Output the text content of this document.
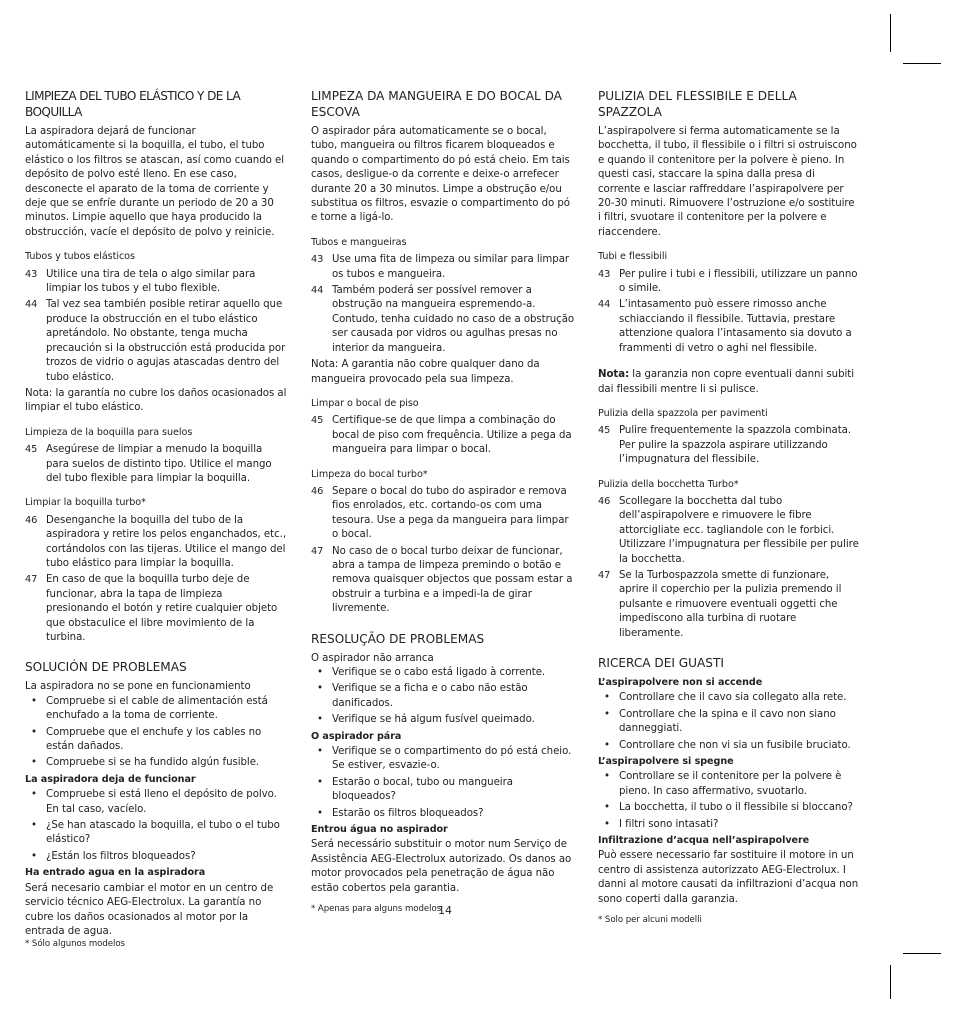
LIMPIEZA DEL TUBO ELÁSTICO Y DE LA BOQUILLA

La aspiradora dejará de funcionar automáticamente si la boquilla, el tubo, el tubo elástico o los filtros se atascan, así como cuando el depósito de polvo esté lleno. En ese caso, desconecte el aparato de la toma de corriente y deje que se enfríe durante un periodo de 20 a 30 minutos. Limpie aquello que haya producido la obstrucción, vacíe el depósito de polvo y reinicie.

Tubos y tubos elásticos
43 Utilice una tira de tela o algo similar para limpiar los tubos y el tubo flexible.
44 Tal vez sea también posible retirar aquello que produce la obstrucción en el tubo elástico apretándolo. No obstante, tenga mucha precaución si la obstrucción está producida por trozos de vidrio o agujas atascadas dentro del tubo elástico.

Nota: la garantía no cubre los daños ocasionados al limpiar el tubo elástico.

Limpieza de la boquilla para suelos
45 Asegúrese de limpiar a menudo la boquilla para suelos de distinto tipo. Utilice el mango del tubo flexible para limpiar la boquilla.
Limpiar la boquilla turbo*
46 Desenganche la boquilla del tubo de la aspiradora y retire los pelos enganchados, etc., cortándolos con las tijeras. Utilice el mango del tubo elástico para limpiar la boquilla.
47 En caso de que la boquilla turbo deje de funcionar, abra la tapa de limpieza presionando el botón y retire cualquier objeto que obstaculice el libre movimiento de la turbina.
SOLUCIÓN DE PROBLEMAS

La aspiradora no se pone en funcionamiento

• Compruebe si el cable de alimentación está enchufado a la toma de corriente.
• Compruebe que el enchufe y los cables no están dañados.
• Compruebe si se ha fundido algún fusible.
La aspiradora deja de funcionar
• Compruebe si está lleno el depósito de polvo. En tal caso, vacíelo.
• ¿Se han atascado la boquilla, el tubo o el tubo elástico?
• ¿Están los filtros bloqueados?
Ha entrado agua en la aspiradora

Será necesario cambiar el motor en un centro de servicio técnico AEG-Electrolux. La garantía no cubre los daños ocasionados al motor por la entrada de agua.

* Sólo algunos modelos
LIMPEZA DA MANGUEIRA E DO BOCAL DA ESCOVA

O aspirador pára automaticamente se o bocal, tubo, mangueira ou filtros ficarem bloqueados e quando o compartimento do pó está cheio. Em tais casos, desligue-o da corrente e deixe-o arrefecer durante 20 a 30 minutos. Limpe a obstrução e/ou substitua os filtros, esvazie o compartimento do pó e torne a ligá-lo.

Tubos e mangueiras
43 Use uma fita de limpeza ou similar para limpar os tubos e mangueira.
44 Também poderá ser possível remover a obstrução na mangueira espremendo-a. Contudo, tenha cuidado no caso de a obstrução ser causada por vidros ou agulhas presas no interior da mangueira.

Nota: A garantia não cobre qualquer dano da mangueira provocado pela sua limpeza.

Limpar o bocal de piso
45 Certifique-se de que limpa a combinação do bocal de piso com frequência. Utilize a pega da mangueira para limpar o bocal.
Limpeza do bocal turbo*
46 Separe o bocal do tubo do aspirador e remova fios enrolados, etc. cortando-os com uma tesoura. Use a pega da mangueira para limpar o bocal.
47 No caso de o bocal turbo deixar de funcionar, abra a tampa de limpeza premindo o botão e remova quaisquer objectos que possam estar a obstruir a turbina e a impedi-la de girar livremente.
RESOLUÇÃO DE PROBLEMAS

O aspirador não arranca

• Verifique se o cabo está ligado à corrente.
• Verifique se a ficha e o cabo não estão danificados.
• Verifique se há algum fusível queimado.
O aspirador pára
• Verifique se o compartimento do pó está cheio. Se estiver, esvazie-o.
• Estarão o bocal, tubo ou mangueira bloqueados?
• Estarão os filtros bloqueados?
Entrou água no aspirador

Será necessário substituir o motor num Serviço de Assistência AEG-Electrolux autorizado. Os danos ao motor provocados pela penetração de água não estão cobertos pela garantia.

* Apenas para alguns modelos
PULIZIA DEL FLESSIBILE E DELLA SPAZZOLA

L’aspirapolvere si ferma automaticamente se la bocchetta, il tubo, il flessibile o i filtri si ostruiscono e quando il contenitore per la polvere è pieno. In questi casi, staccare la spina dalla presa di corrente e lasciar raffreddare l’aspirapolvere per 20-30 minuti. Rimuovere l’ostruzione e/o sostituire i filtri, svuotare il contenitore per la polvere e riaccendere.

Tubi e flessibili
43 Per pulire i tubi e i flessibili, utilizzare un panno o simile.
44 L’intasamento può essere rimosso anche schiacciando il flessibile. Tuttavia, prestare attenzione qualora l’intasamento sia dovuto a frammenti di vetro o aghi nel flessibile.

Nota: la garanzia non copre eventuali danni subiti dai flessibili mentre li si pulisce.

Pulizia della spazzola per pavimenti
45 Pulire frequentemente la spazzola combinata. Per pulire la spazzola aspirare utilizzando l’impugnatura del flessibile.
Pulizia della bocchetta Turbo*
46 Scollegare la bocchetta dal tubo dell’aspirapolvere e rimuovere le fibre attorcigliate ecc. tagliandole con le forbici. Utilizzare l’impugnatura per flessibile per pulire la bocchetta.
47 Se la Turbospazzola smette di funzionare, aprire il coperchio per la pulizia premendo il pulsante e rimuovere eventuali oggetti che impediscono alla turbina di ruotare liberamente.
RICERCA DEI GUASTI
L’aspirapolvere non si accende
• Controllare che il cavo sia collegato alla rete.
• Controllare che la spina e il cavo non siano danneggiati.
• Controllare che non vi sia un fusibile bruciato.
L’aspirapolvere si spegne
• Controllare se il contenitore per la polvere è pieno. In caso affermativo, svuotarlo.
• La bocchetta, il tubo o il flessibile si bloccano?
• I filtri sono intasati?
Infiltrazione d’acqua nell’aspirapolvere

Può essere necessario far sostituire il motore in un centro di assistenza autorizzato AEG-Electrolux. I danni al motore causati da infiltrazioni d’acqua non sono coperti dalla garanzia.

* Solo per alcuni modelli
14
